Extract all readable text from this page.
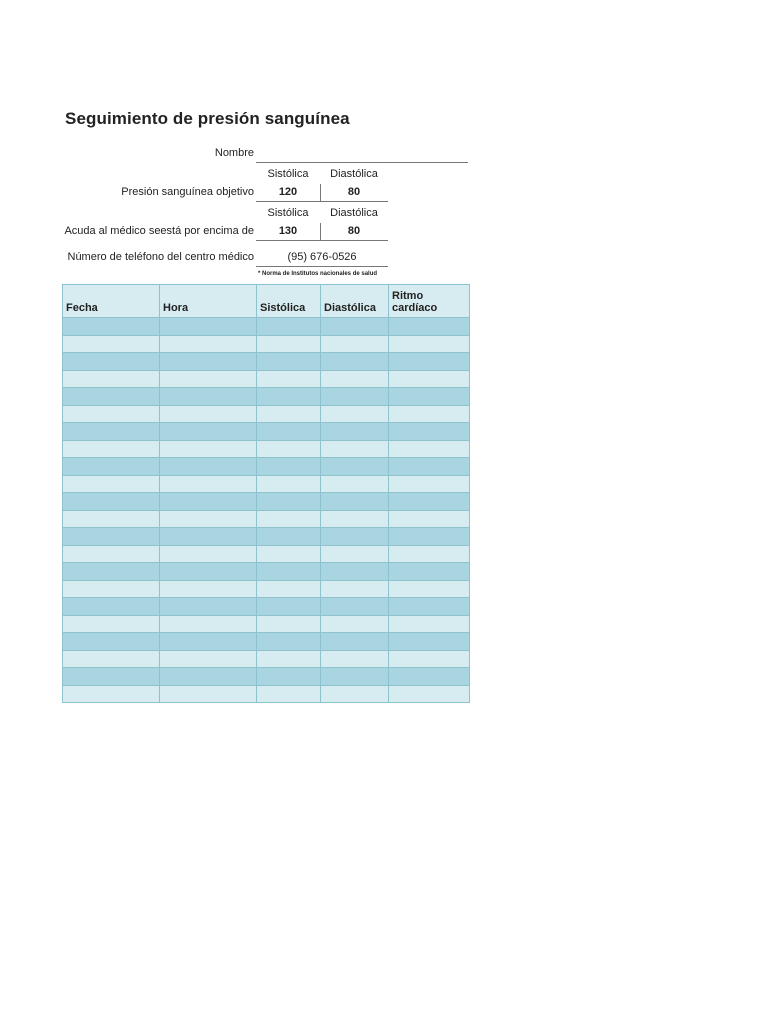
Seguimiento de presión sanguínea
Nombre
Sistólica	Diastólica
Presión sanguínea objetivo	120	80
Sistólica	Diastólica
Acuda al médico seestá por encima de	130	80
Número de teléfono del centro médico	(95) 676-0526
* Norma de Institutos nacionales de salud
Fecha	Hora	Sistólica	Diastólica	Ritmo cardíaco
